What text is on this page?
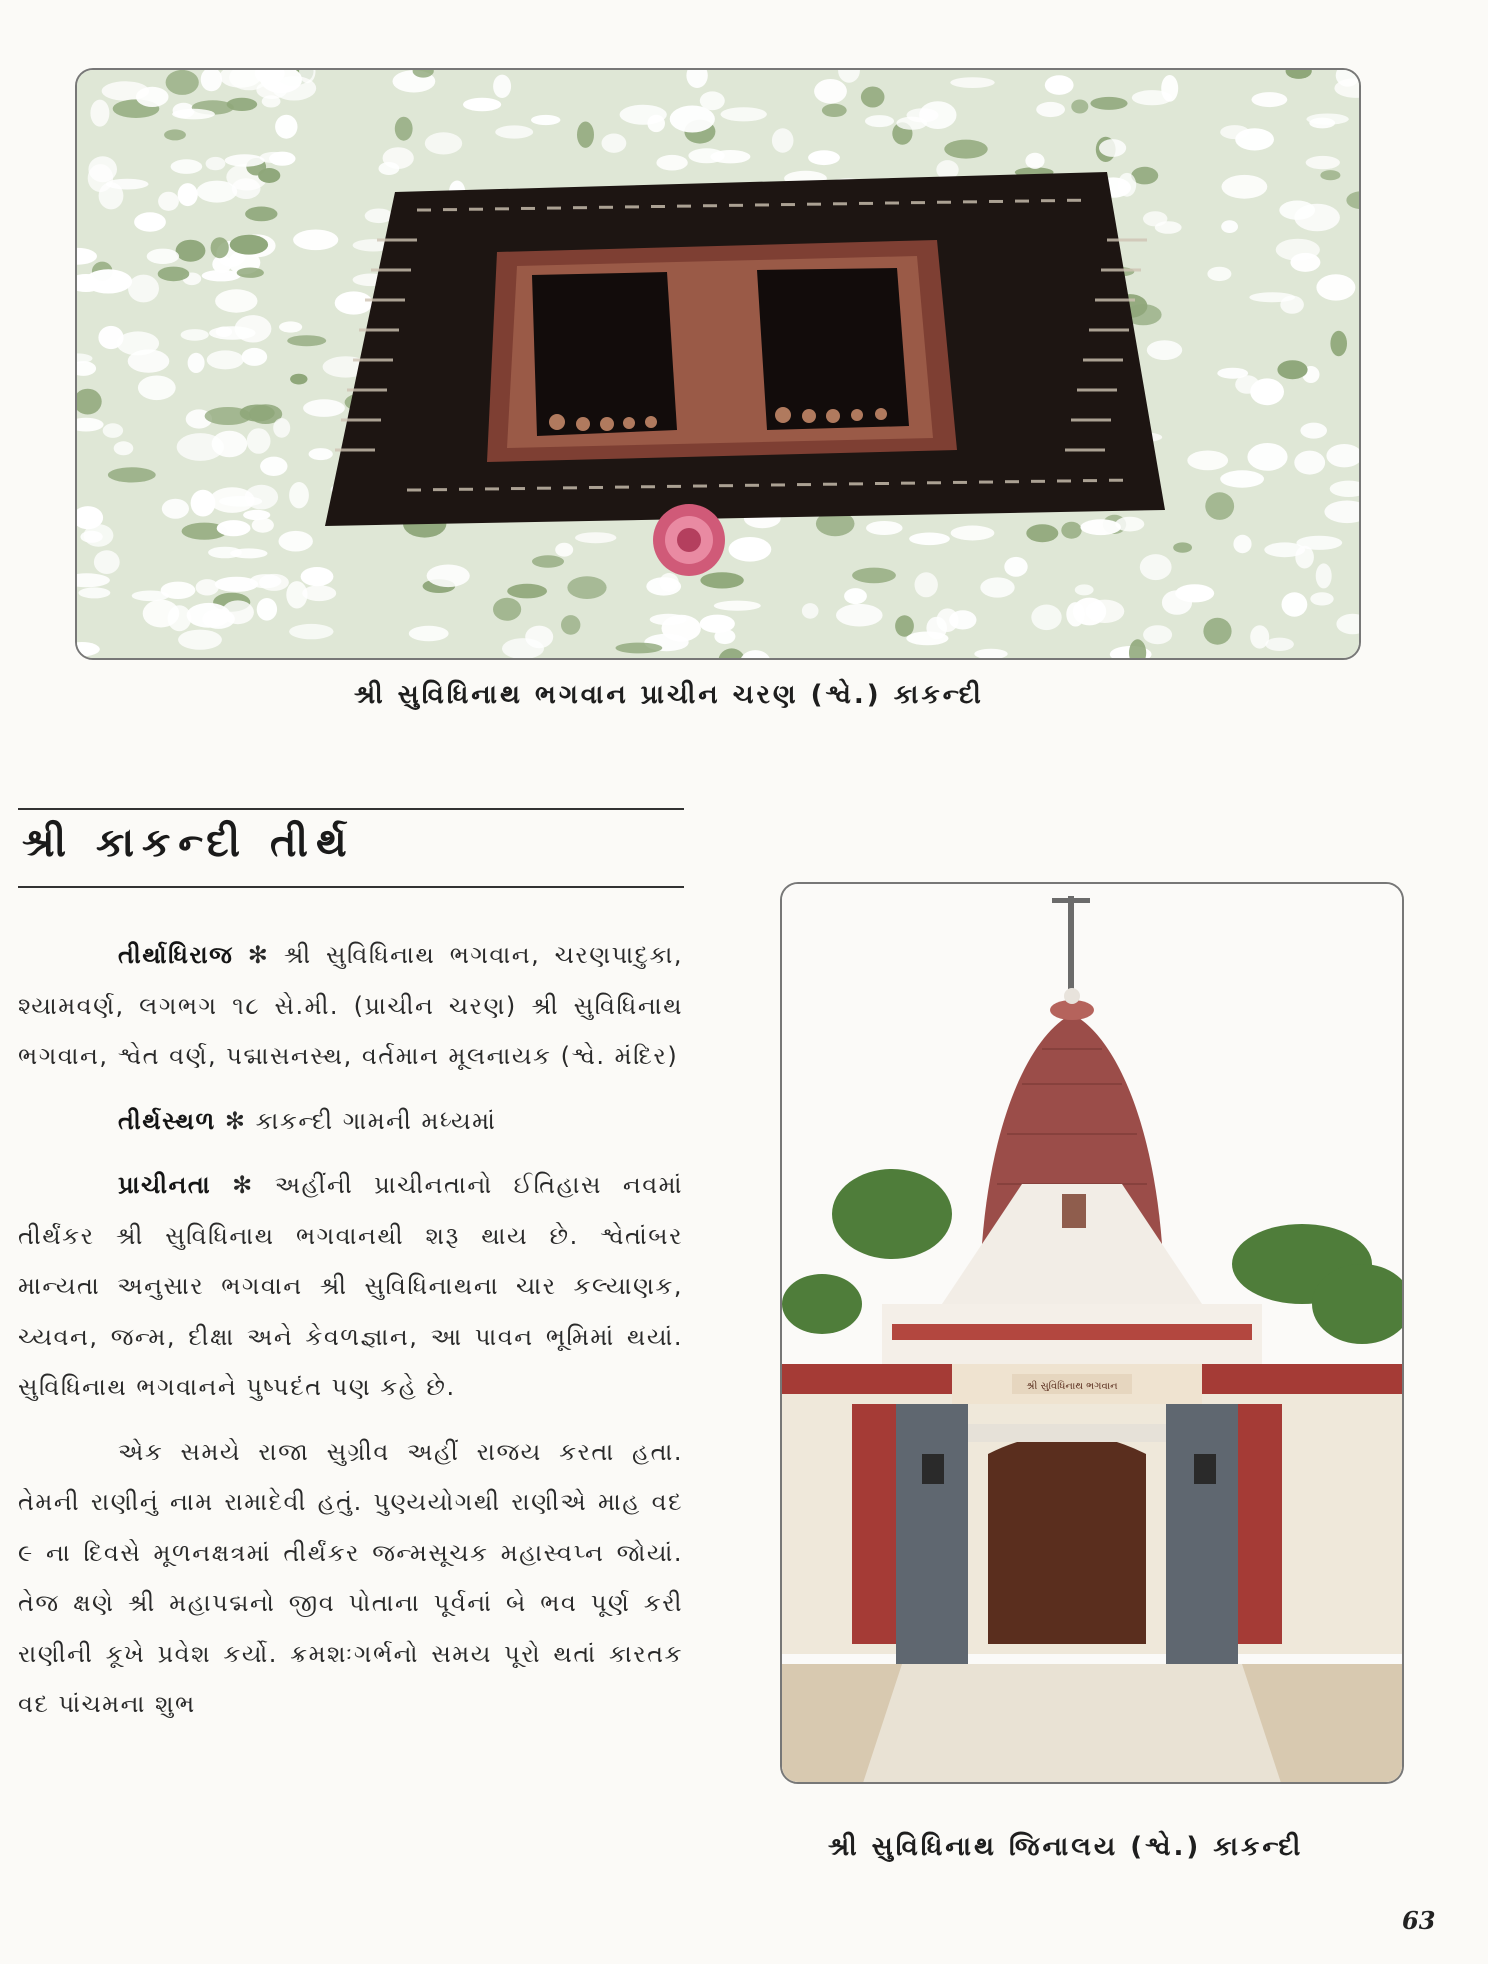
શ્રી સુવિધિનાથ ભગવાન પ્રાચીન ચરણ (શ્વે.) કાકન્દી
શ્રી કાકન્દી તીર્થ

તીર્થાધિરાજ ✻ શ્રી સુવિધિનાથ ભગવાન, ચરણપાદુકા, શ્યામવર્ણ, લગભગ ૧૮ સે.મી. (પ્રાચીન ચરણ) શ્રી સુવિધિનાથ ભગવાન, શ્વેત વર્ણ, પદ્માસનસ્થ, વર્તમાન મૂલનાયક (શ્વે. મંદિર)

તીર્થસ્થળ ✻ કાકન્દી ગામની મધ્યમાં

પ્રાચીનતા ✻ અહીંની પ્રાચીનતાનો ઈતિહાસ નવમાં તીર્થંકર શ્રી સુવિધિનાથ ભગવાનથી શરૂ થાય છે. શ્વેતાંબર માન્યતા અનુસાર ભગવાન શ્રી સુવિધિનાથના ચાર કલ્યાણક, ચ્યવન, જન્મ, દીક્ષા અને કેવળજ્ઞાન, આ પાવન ભૂમિમાં થયાં. સુવિધિનાથ ભગવાનને પુષ્પદંત પણ કહે છે.

એક સમયે રાજા સુગ્રીવ અહીં રાજય કરતા હતા. તેમની રાણીનું નામ રામાદેવી હતું. પુણ્યયોગથી રાણીએ માહ વદ ૯ ના દિવસે મૂળનક્ષત્રમાં તીર્થંકર જન્મસૂચક મહાસ્વપ્ન જોયાં. તેજ ક્ષણે શ્રી મહાપદ્મનો જીવ પોતાના પૂર્વનાં બે ભવ પૂર્ણ કરી રાણીની કૂખે પ્રવેશ કર્યો. ક્રમશઃગર્ભનો સમય પૂરો થતાં કારતક વદ પાંચમના શુભ

શ્રી સુવિધિનાથ ભગવાન
શ્રી સુવિધિનાથ જિનાલય (શ્વે.) કાકન્દી
63
